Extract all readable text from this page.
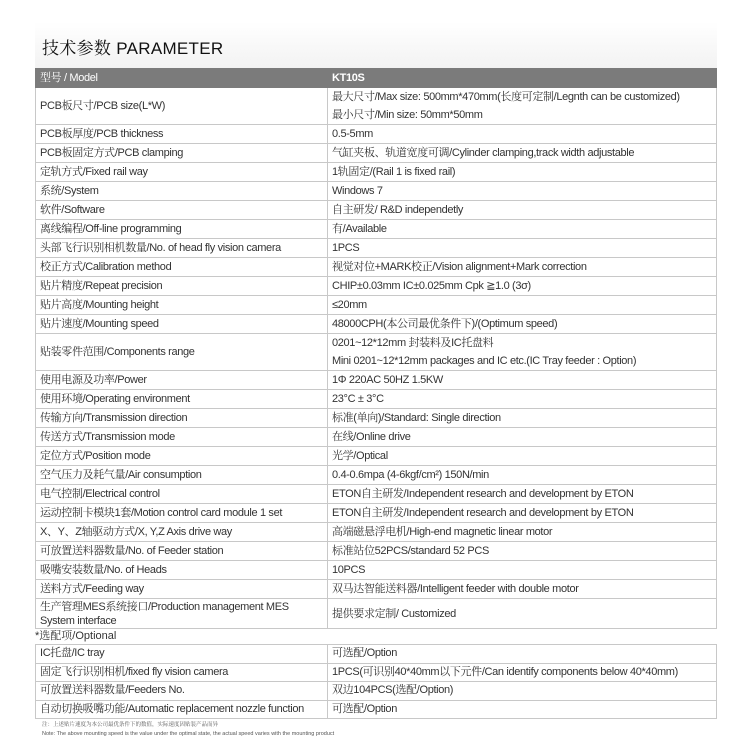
技术参数 PARAMETER
型号 / Model	KT10S
PCB板尺寸/PCB size(L*W)	最大尺寸/Max size: 500mm*470mm(长度可定制/Legnth can be customized)
最小尺寸/Min size: 50mm*50mm

PCB板厚度/PCB thickness	0.5-5mm

PCB板固定方式/PCB clamping	气缸夹板、轨道宽度可调/Cylinder clamping,track width adjustable

定轨方式/Fixed rail way	1轨固定/(Rail 1 is fixed rail)

系统/System	Windows 7

软件/Software	自主研发/ R&D independetly

离线编程/Off-line programming	有/Available

头部飞行识别相机数量/No. of head fly vision camera	1PCS

校正方式/Calibration method	视觉对位+MARK校正/Vision alignment+Mark correction

贴片精度/Repeat precision	CHIP±0.03mm IC±0.025mm Cpk ≧1.0 (3σ)

贴片高度/Mounting height	≤20mm

贴片速度/Mounting speed	48000CPH(本公司最优条件下)/(Optimum speed)

贴装零件范围/Components range	0201~12*12mm 封装料及IC托盘料
Mini 0201~12*12mm packages and IC etc.(IC Tray feeder : Option)

使用电源及功率/Power	1Φ 220AC 50HZ 1.5KW

使用环境/Operating environment	23°C ± 3°C

传输方向/Transmission direction	标准(单向)/Standard: Single direction

传送方式/Transmission mode	在线/Online drive

定位方式/Position mode	光学/Optical

空气压力及耗气量/Air consumption	0.4-0.6mpa (4-6kgf/cm²) 150N/min

电气控制/Electrical control	ETON自主研发/Independent research and development by ETON

运动控制卡模块1套/Motion control card module 1 set	ETON自主研发/Independent research and development by ETON

X、Y、Z轴驱动方式/X, Y,Z Axis drive way	高端磁悬浮电机/High-end magnetic linear motor

可放置送料器数量/No. of Feeder station	标准站位52PCS/standard 52 PCS

吸嘴安装数量/No. of Heads	10PCS

送料方式/Feeding way	双马达智能送料器/Intelligent feeder with double motor

生产管理MES系统接口/Production management MES System interface	提供要求定制/ Customized
*选配项/Optional
IC托盘/IC tray	可选配/Option
固定飞行识别相机/fixed fly vision camera	1PCS(可识别40*40mm以下元件/Can identify components below 40*40mm)
可放置送料器数量/Feeders No.	双边104PCS(选配/Option)
自动切换吸嘴功能/Automatic replacement nozzle function	可选配/Option
注：上述贴片速度为本公司最优条件下的数值，实际速度因贴装产品而异
Note: The above mounting speed is the value under the optimal state, the actual speed varies with the mounting product
